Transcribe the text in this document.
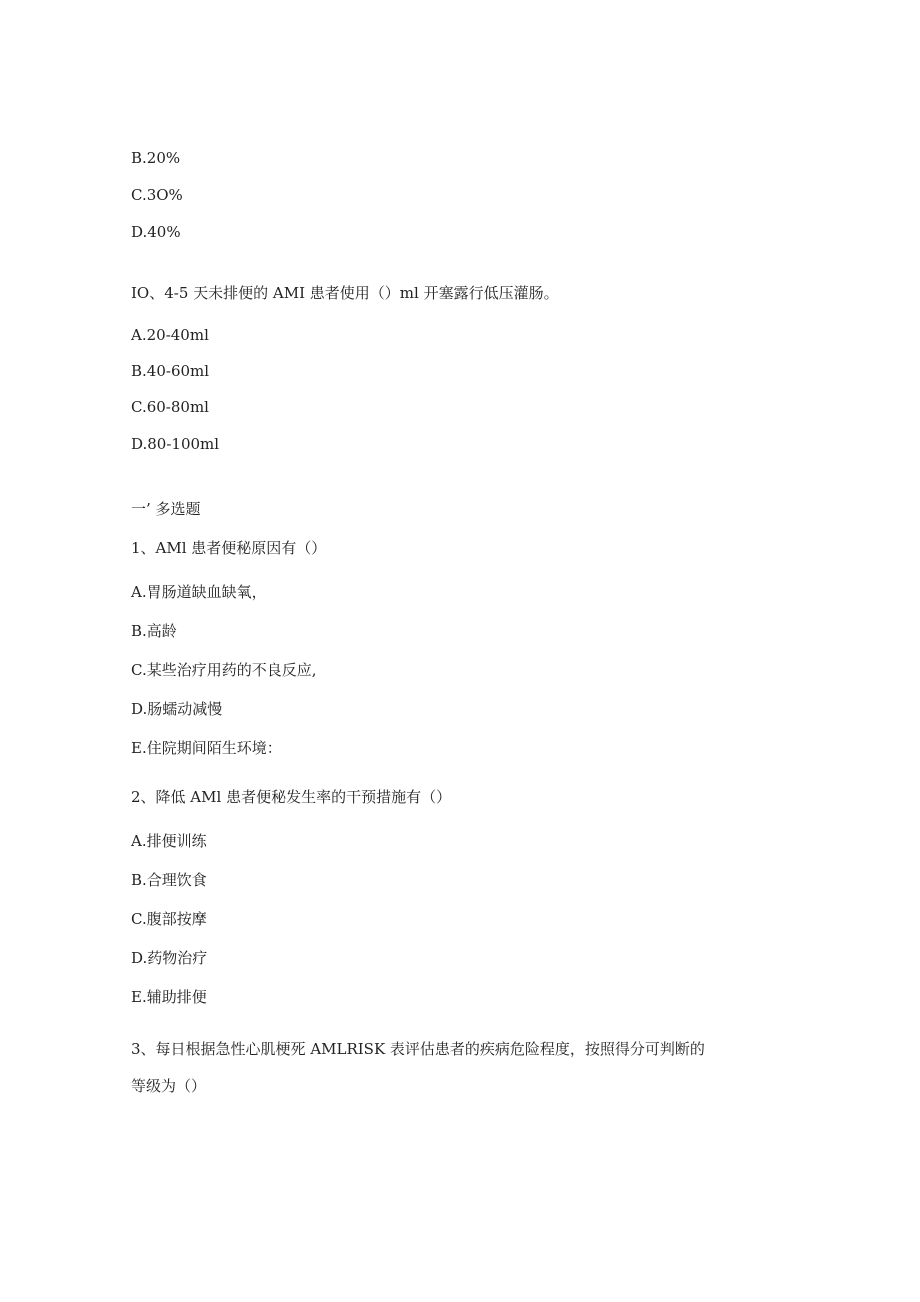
B.20%
C.3O%
D.40%
IO、4-5 天未排便的 AMI 患者使用（）ml 开塞露行低压灌肠。
A.20-40ml
B.40-60ml
C.60-80ml
D.80-100ml
一’ 多选题
1、AMl 患者便秘原因有（）
A.胃肠道缺血缺氧，
B.高龄
C.某些治疗用药的不良反应,
D.肠蠕动减慢
E.住院期间陌生环境：
2、降低 AMl 患者便秘发生率的干预措施有（）
A.排便训练
B.合理饮食
C.腹部按摩
D.药物治疗
E.辅助排便
3、每日根据急性心肌梗死 AMLRISK 表评估患者的疾病危险程度，按照得分可判断的
等级为（）
